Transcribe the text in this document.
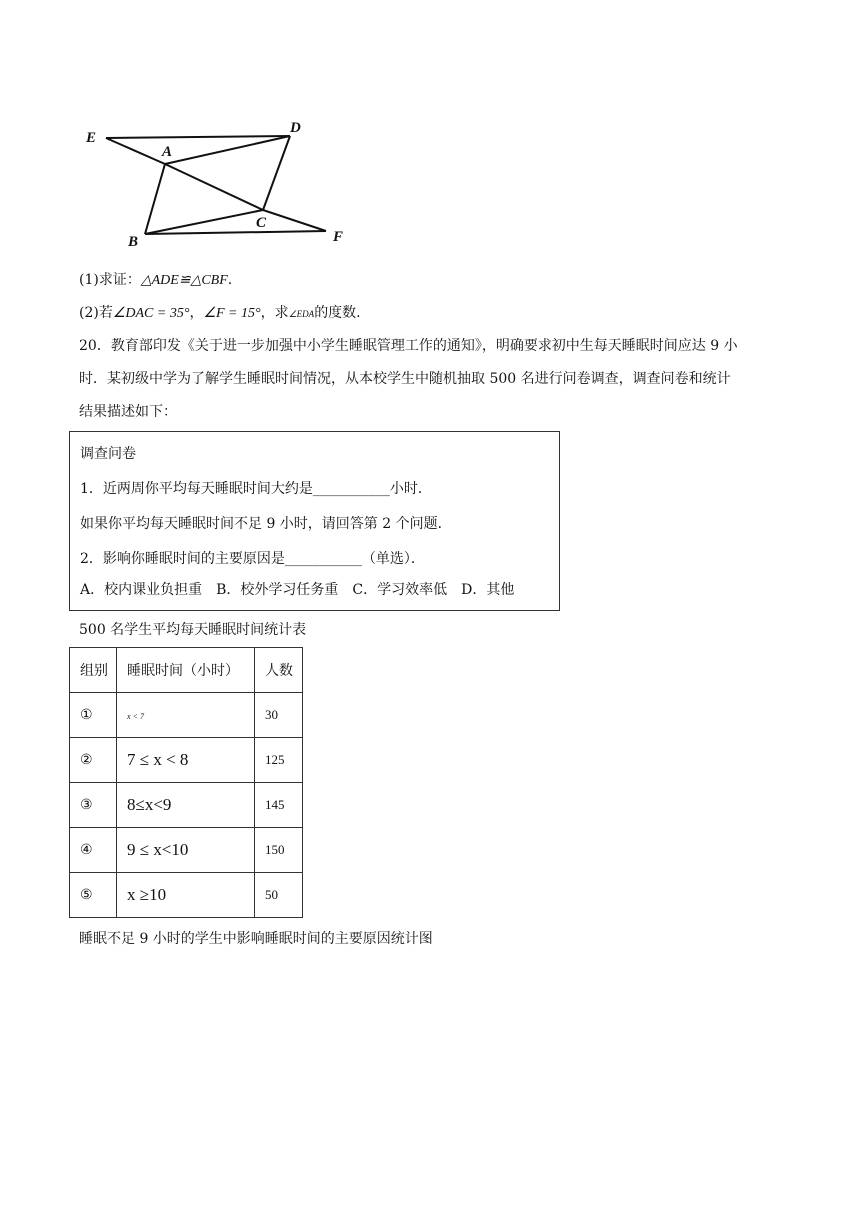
E
A
D
C
B	F
(1)求证：△ADE≌△CBF.
(2)若∠DAC = 35°，∠F = 15°，求∠EDA的度数.
20．教育部印发《关于进一步加强中小学生睡眠管理工作的通知》，明确要求初中生每天睡眠时间应达 9 小
时．某初级中学为了解学生睡眠时间情况，从本校学生中随机抽取 500 名进行问卷调查，调查问卷和统计
结果描述如下：
调查问卷
1．近两周你平均每天睡眠时间大约是___________小时．
如果你平均每天睡眠时间不足 9 小时，请回答第 2 个问题．
2．影响你睡眠时间的主要原因是___________（单选）．
A．校内课业负担重　B．校外学习任务重　C．学习效率低　D．其他
500 名学生平均每天睡眠时间统计表
组别	睡眠时间（小时）	人数
①	x < 7	30
②	7 ≤ x < 8	125
③	8≤x<9	145
④	9 ≤ x<10	150
⑤	x ≥10	50
睡眠不足 9 小时的学生中影响睡眠时间的主要原因统计图
